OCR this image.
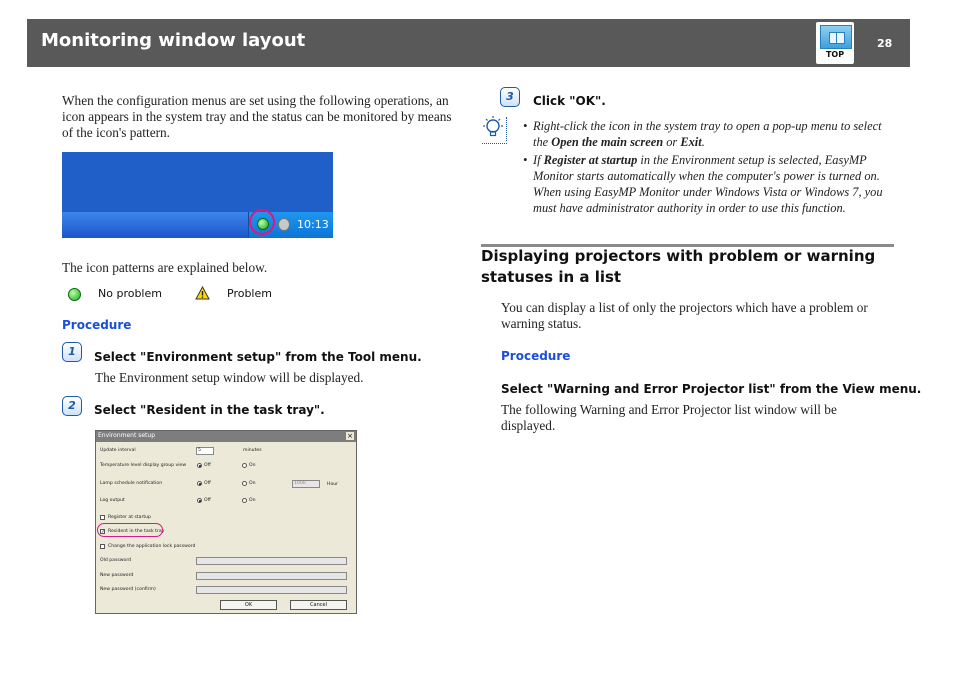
Monitoring window layout
TOP
28
When the configuration menus are set using the following operations, an icon appears in the system tray and the status can be monitored by means of the icon's pattern.
10:13
The icon patterns are explained below.
No problem	Problem
Procedure
1	Select "Environment setup" from the Tool menu.
The Environment setup window will be displayed.
2	Select "Resident in the task tray".
Environment setup	×
Update interval	5	minutes
Temperature level display group view	Off	On
Lamp schedule notification	Off	On	1000	Hour
Log output	Off	On
Register at startup
✓ Resident in the task tray
Change the application lock password
Old password
New password
New password (confirm)
OK	Cancel
3	Click "OK".
• Right-click the icon in the system tray to open a pop-up menu to select the Open the main screen or Exit.
• If Register at startup in the Environment setup is selected, EasyMP Monitor starts automatically when the computer's power is turned on. When using EasyMP Monitor under Windows Vista or Windows 7, you must have administrator authority in order to use this function.
Displaying projectors with problem or warning statuses in a list
You can display a list of only the projectors which have a problem or warning status.
Procedure
Select "Warning and Error Projector list" from the View menu.
The following Warning and Error Projector list window will be displayed.
